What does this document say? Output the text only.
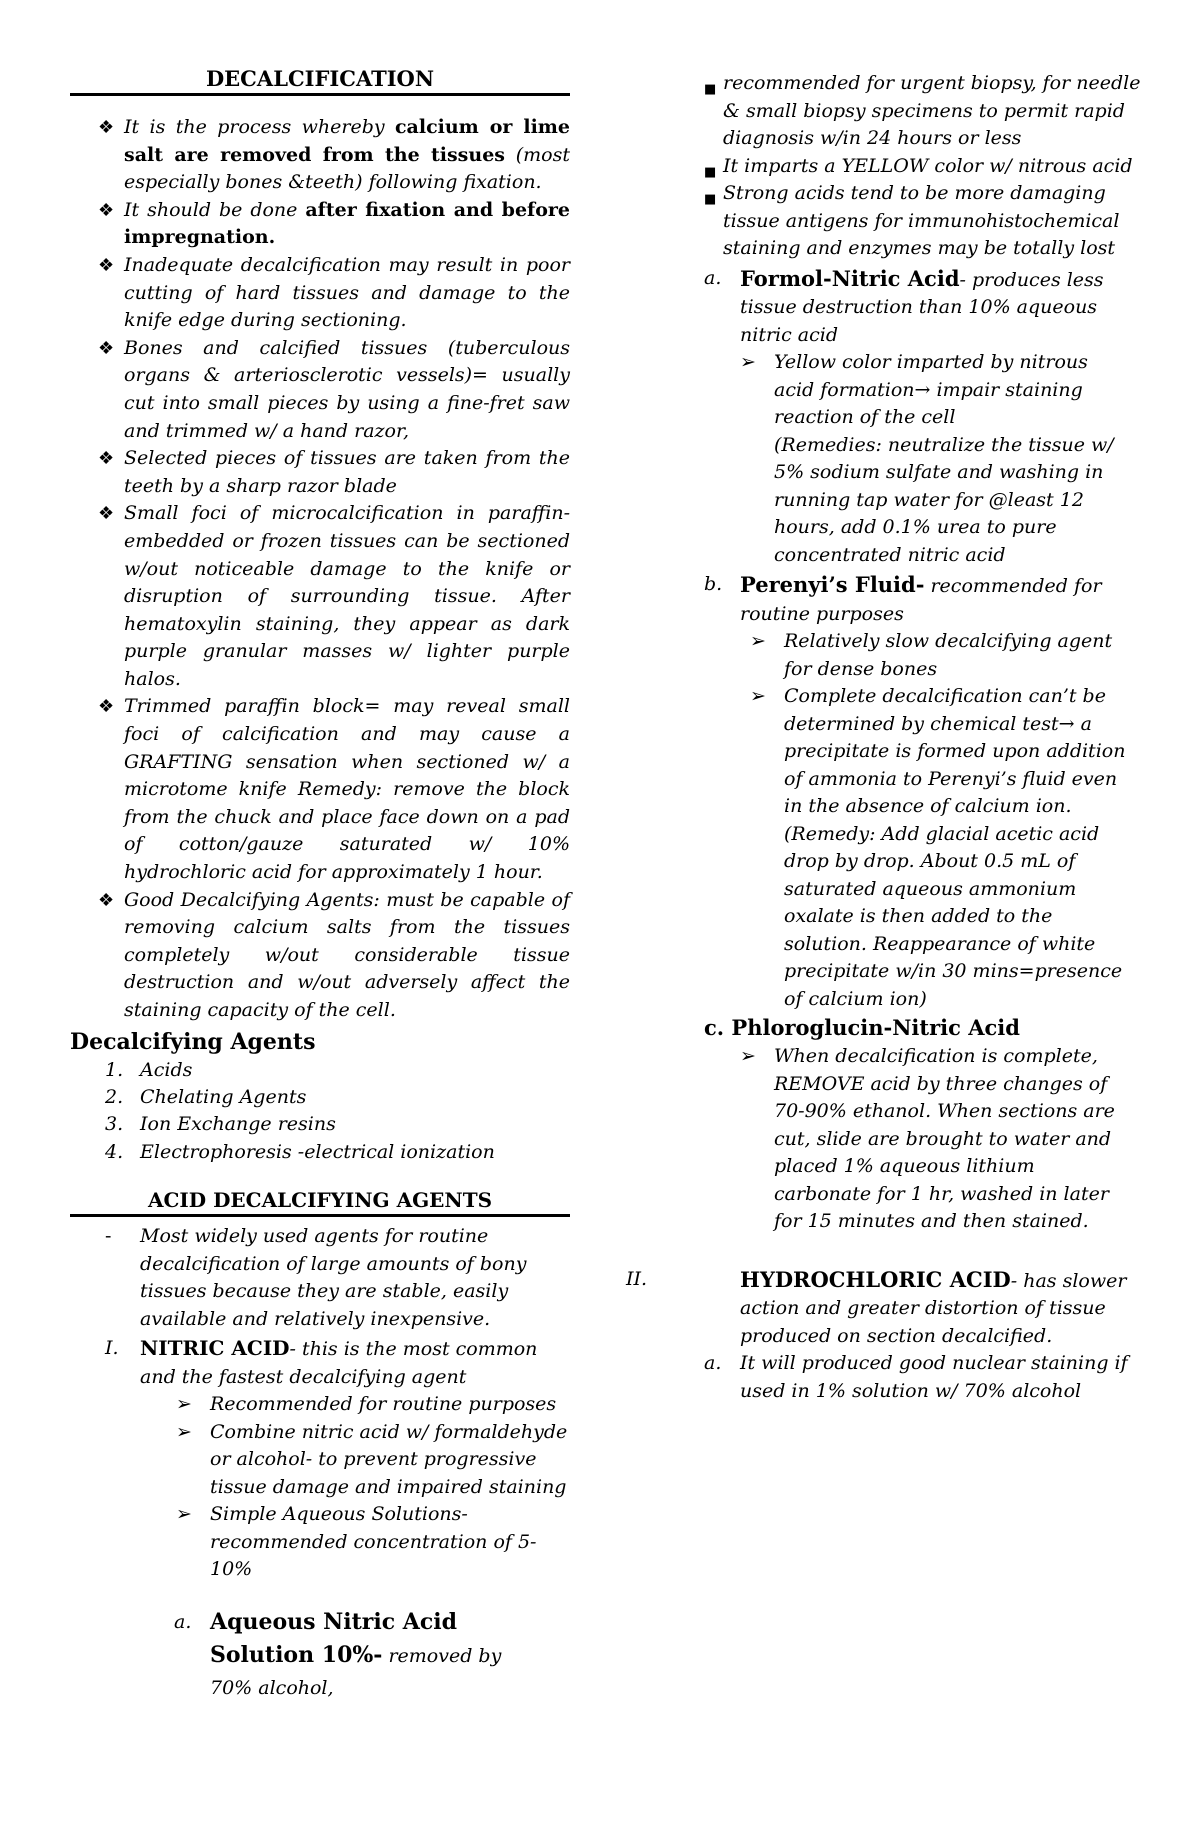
DECALCIFICATION
❖ It is the process whereby calcium or lime salt are removed from the tissues (most especially bones &teeth) following fixation.
❖ It should be done after fixation and before impregnation.
❖ Inadequate decalcification may result in poor cutting of hard tissues and damage to the knife edge during sectioning.
❖ Bones and calcified tissues (tuberculous organs & arteriosclerotic vessels)= usually cut into small pieces by using a fine-fret saw and trimmed w/ a hand razor,
❖ Selected pieces of tissues are taken from the teeth by a sharp razor blade
❖ Small foci of microcalcification in paraffin-embedded or frozen tissues can be sectioned w/out noticeable damage to the knife or disruption of surrounding tissue. After hematoxylin staining, they appear as dark purple granular masses w/ lighter purple halos.
❖ Trimmed paraffin block= may reveal small foci of calcification and may cause a GRAFTING sensation when sectioned w/ a microtome knife Remedy: remove the block from the chuck and place face down on a pad of cotton/gauze saturated w/ 10% hydrochloric acid for approximately 1 hour.
❖ Good Decalcifying Agents: must be capable of removing calcium salts from the tissues completely w/out considerable tissue destruction and w/out adversely affect the staining capacity of the cell.
Decalcifying Agents
1. Acids
2. Chelating Agents
3. Ion Exchange resins
4. Electrophoresis -electrical ionization
ACID DECALCIFYING AGENTS
- Most widely used agents for routine decalcification of large amounts of bony tissues because they are stable, easily available and relatively inexpensive.
I. NITRIC ACID- this is the most common and the fastest decalcifying agent
➢ Recommended for routine purposes
➢ Combine nitric acid w/ formaldehyde or alcohol- to prevent progressive tissue damage and impaired staining
➢ Simple Aqueous Solutions- recommended concentration of 5-10%
a. Aqueous Nitric Acid Solution 10%- removed by 70% alcohol,
■ recommended for urgent biopsy, for needle & small biopsy specimens to permit rapid diagnosis w/in 24 hours or less
■ It imparts a YELLOW color w/ nitrous acid
■ Strong acids tend to be more damaging tissue antigens for immunohistochemical staining and enzymes may be totally lost
a. Formol-Nitric Acid- produces less tissue destruction than 10% aqueous nitric acid
➢ Yellow color imparted by nitrous acid formation→ impair staining reaction of the cell
(Remedies: neutralize the tissue w/ 5% sodium sulfate and washing in running tap water for @least 12 hours, add 0.1% urea to pure concentrated nitric acid
b. Perenyi’s Fluid- recommended for routine purposes
➢ Relatively slow decalcifying agent for dense bones
➢ Complete decalcification can’t be determined by chemical test→ a precipitate is formed upon addition of ammonia to Perenyi’s fluid even in the absence of calcium ion. (Remedy: Add glacial acetic acid drop by drop. About 0.5 mL of saturated aqueous ammonium oxalate is then added to the solution. Reappearance of white precipitate w/in 30 mins=presence of calcium ion)
c. Phloroglucin-Nitric Acid
➢ When decalcification is complete, REMOVE acid by three changes of 70-90% ethanol. When sections are cut, slide are brought to water and placed 1% aqueous lithium carbonate for 1 hr, washed in later for 15 minutes and then stained.
II.	HYDROCHLORIC ACID- has slower action and greater distortion of tissue produced on section decalcified.
a. It will produced good nuclear staining if used in 1% solution w/ 70% alcohol
